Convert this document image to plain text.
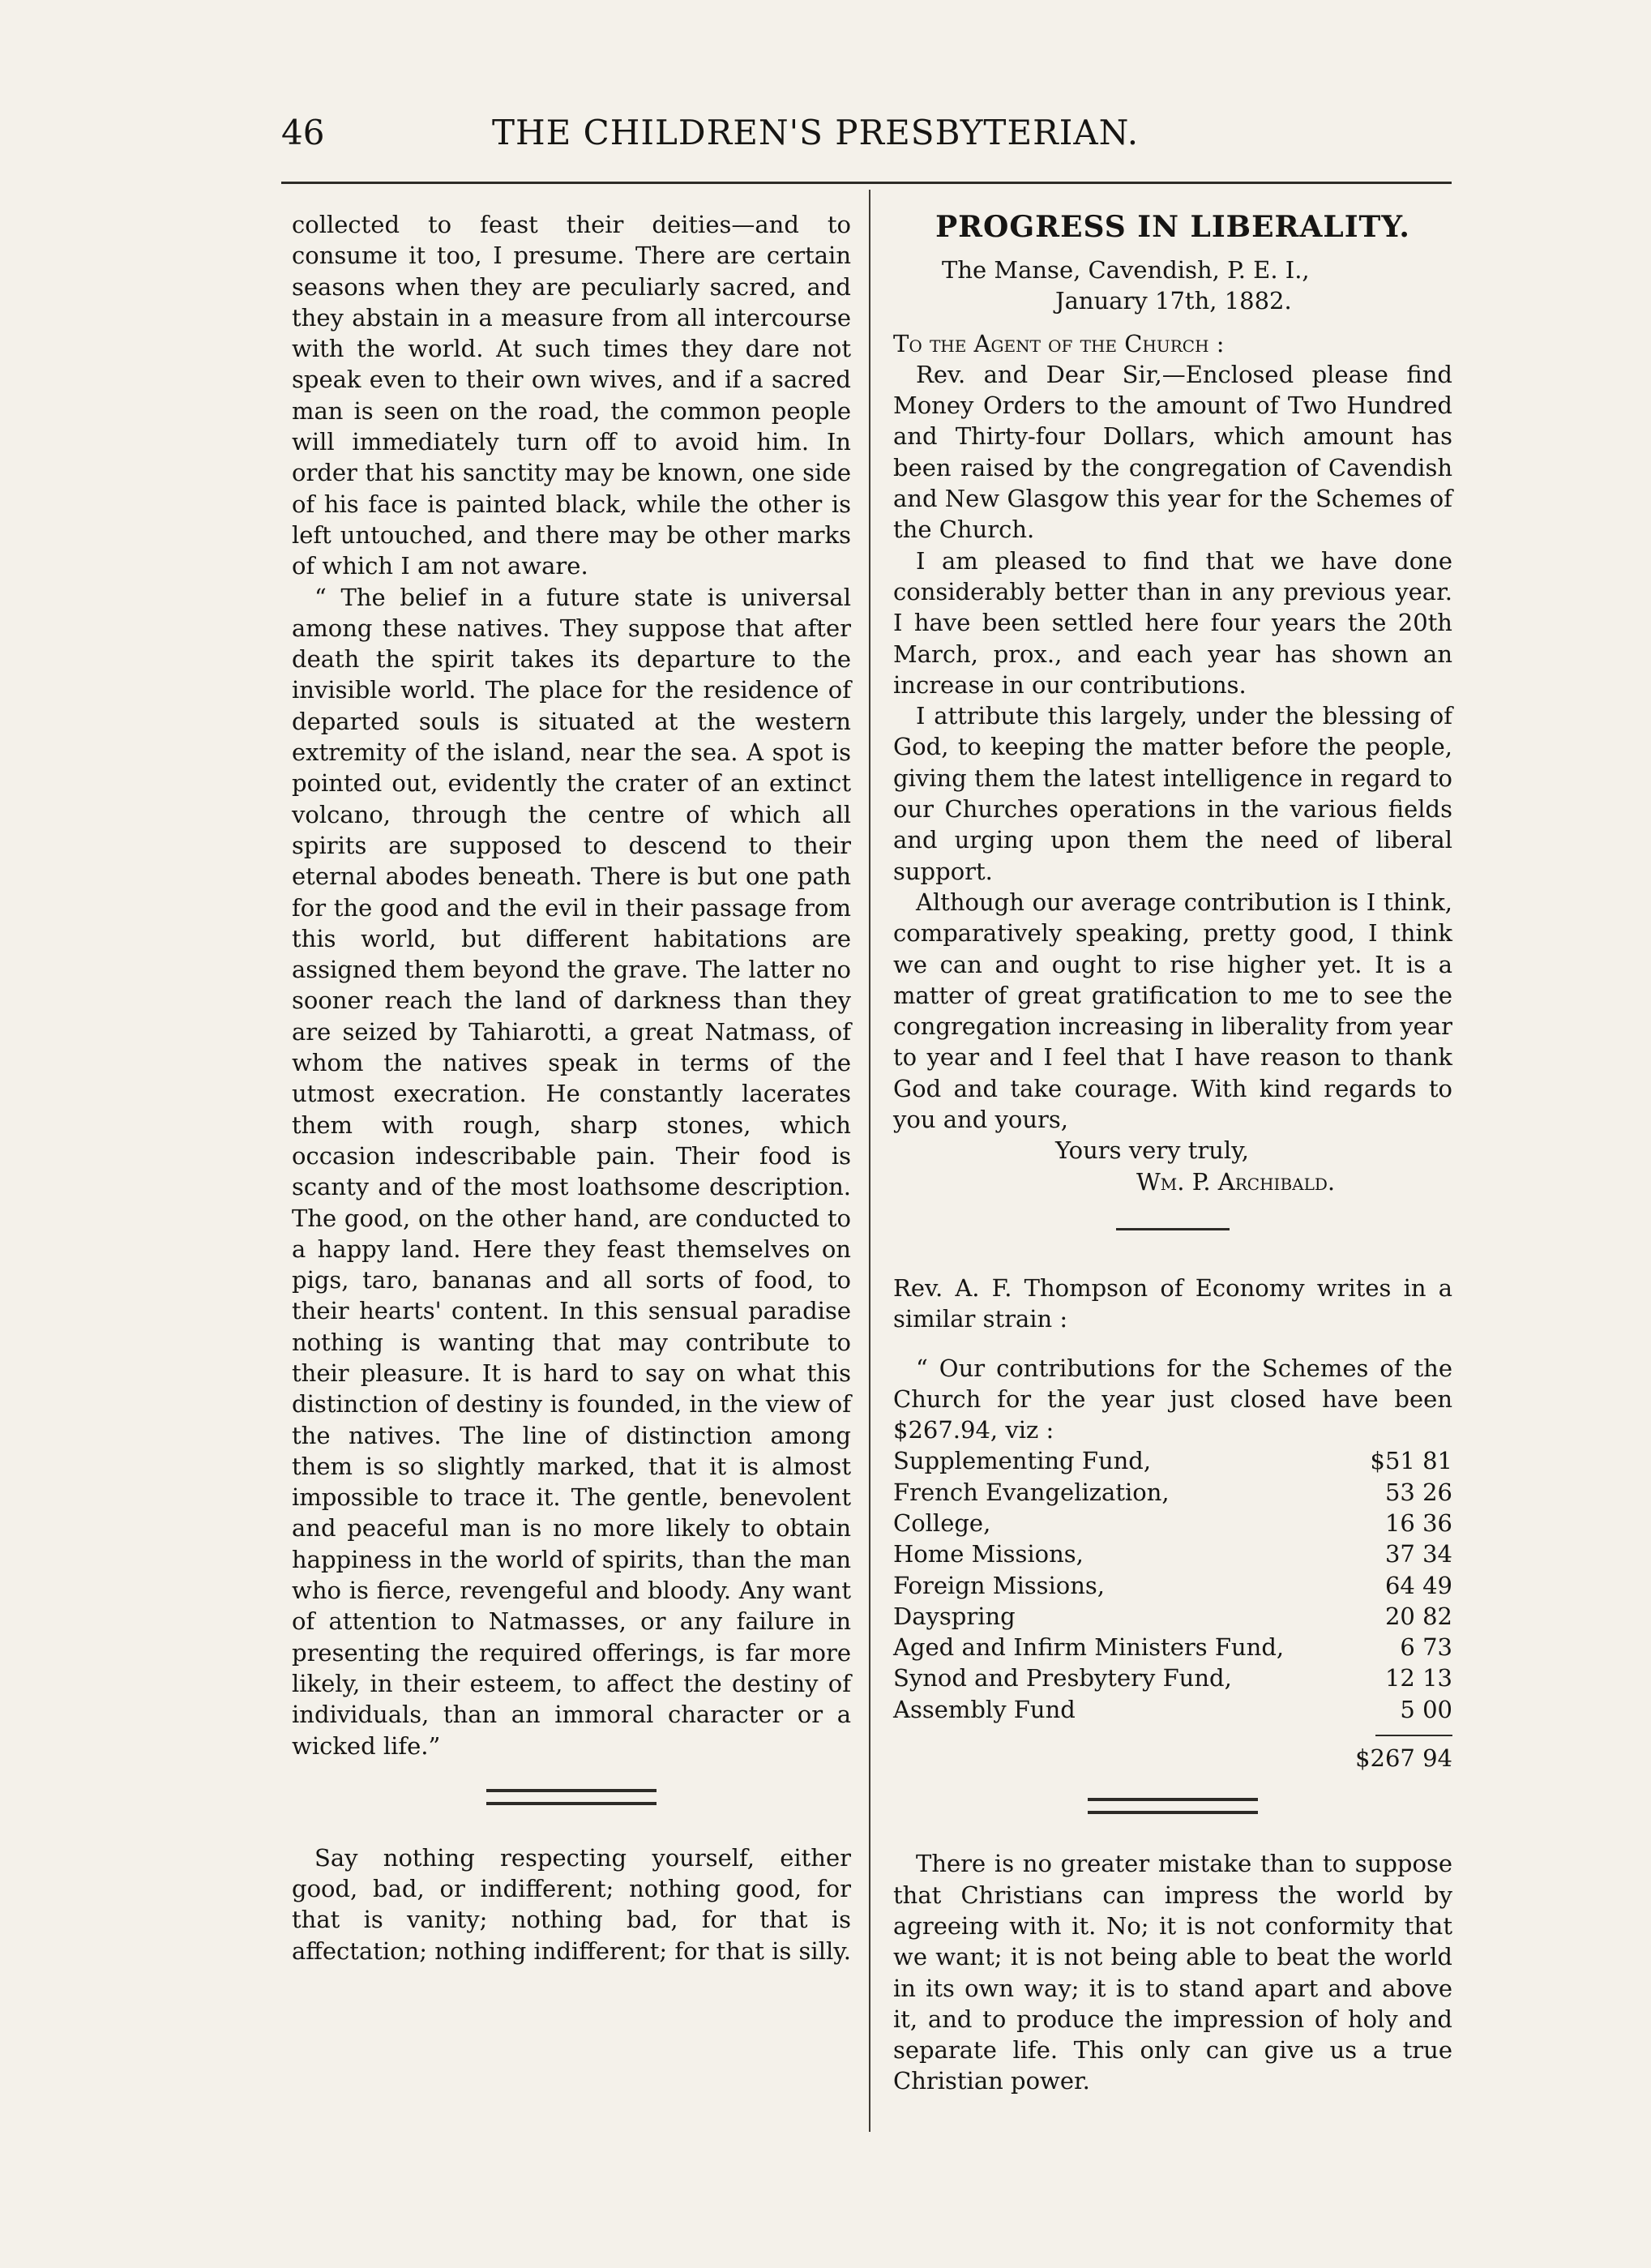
46	THE CHILDREN'S PRESBYTERIAN.

collected to feast their deities—and to consume it too, I presume. There are certain seasons when they are peculiarly sacred, and they abstain in a measure from all intercourse with the world. At such times they dare not speak even to their own wives, and if a sacred man is seen on the road, the common people will immediately turn off to avoid him. In order that his sanctity may be known, one side of his face is painted black, while the other is left untouched, and there may be other marks of which I am not aware.

“ The belief in a future state is universal among these natives. They suppose that after death the spirit takes its departure to the invisible world. The place for the residence of departed souls is situated at the western extremity of the island, near the sea. A spot is pointed out, evidently the crater of an extinct volcano, through the centre of which all spirits are supposed to descend to their eternal abodes beneath. There is but one path for the good and the evil in their passage from this world, but different habitations are assigned them beyond the grave. The latter no sooner reach the land of darkness than they are seized by Tahiarotti, a great Natmass, of whom the natives speak in terms of the utmost execration. He constantly lacerates them with rough, sharp stones, which occasion indescribable pain. Their food is scanty and of the most loathsome description. The good, on the other hand, are conducted to a happy land. Here they feast themselves on pigs, taro, bananas and all sorts of food, to their hearts' content. In this sensual paradise nothing is wanting that may contribute to their pleasure. It is hard to say on what this distinction of destiny is founded, in the view of the natives. The line of distinction among them is so slightly marked, that it is almost impossible to trace it. The gentle, benevolent and peaceful man is no more likely to obtain happiness in the world of spirits, than the man who is fierce, revengeful and bloody. Any want of attention to Natmasses, or any failure in presenting the required offerings, is far more likely, in their esteem, to affect the destiny of individuals, than an immoral character or a wicked life.”

Say nothing respecting yourself, either good, bad, or indifferent; nothing good, for that is vanity; nothing bad, for that is affectation; nothing indifferent; for that is silly.

PROGRESS IN LIBERALITY.

The Manse, Cavendish, P. E. I.,

January 17th, 1882.

To the Agent of the Church :

Rev. and Dear Sir,—Enclosed please find Money Orders to the amount of Two Hundred and Thirty-four Dollars, which amount has been raised by the congregation of Cavendish and New Glasgow this year for the Schemes of the Church.

I am pleased to find that we have done considerably better than in any previous year. I have been settled here four years the 20th March, prox., and each year has shown an increase in our contributions.

I attribute this largely, under the blessing of God, to keeping the matter before the people, giving them the latest intelligence in regard to our Churches operations in the various fields and urging upon them the need of liberal support.

Although our average contribution is I think, comparatively speaking, pretty good, I think we can and ought to rise higher yet. It is a matter of great gratification to me to see the congregation increasing in liberality from year to year and I feel that I have reason to thank God and take courage. With kind regards to you and yours,

Yours very truly,

Wm. P. Archibald.

Rev. A. F. Thompson of Economy writes in a similar strain :

“ Our contributions for the Schemes of the Church for the year just closed have been $267.94, viz :

Supplementing Fund,	$51 81
French Evangelization,	53 26
College,	16 36
Home Missions,	37 34
Foreign Missions,	64 49
Dayspring	20 82
Aged and Infirm Ministers Fund,	6 73
Synod and Presbytery Fund,	12 13
Assembly Fund	5 00
$267 94

There is no greater mistake than to suppose that Christians can impress the world by agreeing with it. No; it is not conformity that we want; it is not being able to beat the world in its own way; it is to stand apart and above it, and to produce the impression of holy and separate life. This only can give us a true Christian power.
